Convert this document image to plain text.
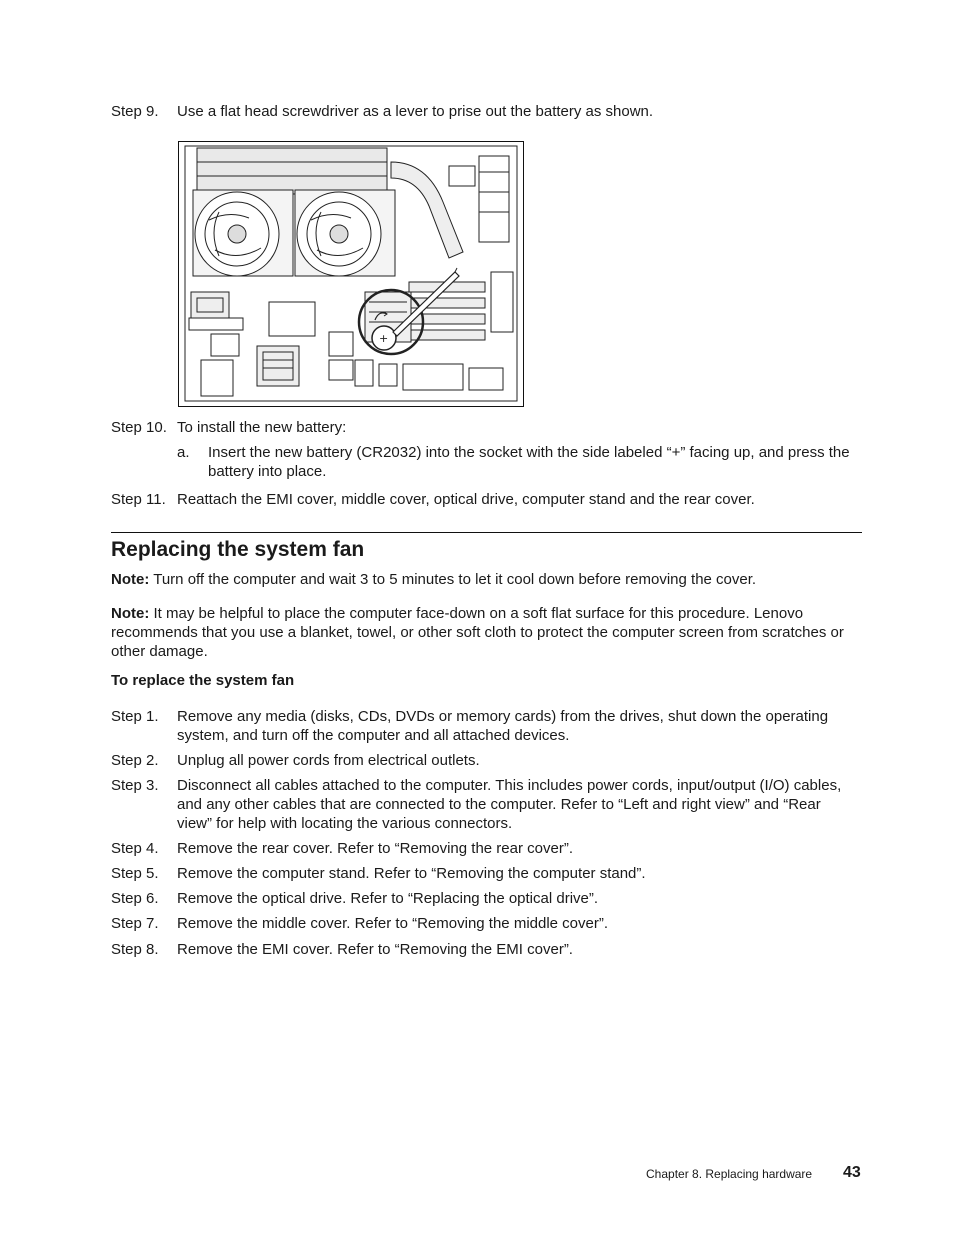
Step 9. Use a flat head screwdriver as a lever to prise out the battery as shown.
+
Step 10. To install the new battery:
a. Insert the new battery (CR2032) into the socket with the side labeled “+” facing up, and press the battery into place.
Step 11. Reattach the EMI cover, middle cover, optical drive, computer stand and the rear cover.
Replacing the system fan
Note: Turn off the computer and wait 3 to 5 minutes to let it cool down before removing the cover.
Note: It may be helpful to place the computer face-down on a soft flat surface for this procedure. Lenovo recommends that you use a blanket, towel, or other soft cloth to protect the computer screen from scratches or other damage.
To replace the system fan
Step 1. Remove any media (disks, CDs, DVDs or memory cards) from the drives, shut down the operating system, and turn off the computer and all attached devices.
Step 2. Unplug all power cords from electrical outlets.
Step 3. Disconnect all cables attached to the computer. This includes power cords, input/output (I/O) cables, and any other cables that are connected to the computer. Refer to “Left and right view” and “Rear view” for help with locating the various connectors.
Step 4. Remove the rear cover. Refer to “Removing the rear cover”.
Step 5. Remove the computer stand. Refer to “Removing the computer stand”.
Step 6. Remove the optical drive. Refer to “Replacing the optical drive”.
Step 7. Remove the middle cover. Refer to “Removing the middle cover”.
Step 8. Remove the EMI cover. Refer to “Removing the EMI cover”.
Chapter 8. Replacing hardware 43
